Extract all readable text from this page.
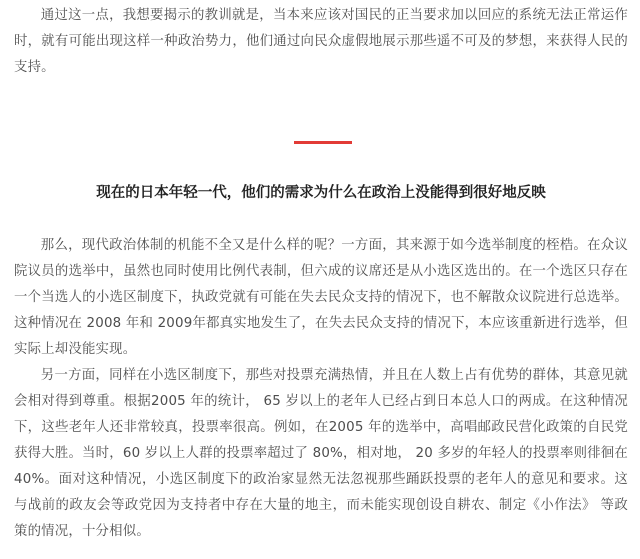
通过这一点，我想要揭示的教训就是，当本来应该对国民的正当要求加以回应的系统无法正常运作时，就有可能出现这样一种政治势力，他们通过向民众虚假地展示那些遥不可及的梦想，来获得人民的支持。

现在的日本年轻一代，他们的需求为什么在政治上没能得到很好地反映

那么，现代政治体制的机能不全又是什么样的呢？一方面，其来源于如今选举制度的桎梏。在众议院议员的选举中，虽然也同时使用比例代表制，但六成的议席还是从小选区选出的。在一个选区只存在一个当选人的小选区制度下，执政党就有可能在失去民众支持的情况下，也不解散众议院进行总选举。这种情况在 2008 年和 2009年都真实地发生了，在失去民众支持的情况下，本应该重新进行选举，但实际上却没能实现。

另一方面，同样在小选区制度下，那些对投票充满热情，并且在人数上占有优势的群体，其意见就会相对得到尊重。根据2005 年的统计， 65 岁以上的老年人已经占到日本总人口的两成。在这种情况下，这些老年人还非常较真，投票率很高。例如，在2005 年的选举中，高唱邮政民营化政策的自民党获得大胜。当时，60 岁以上人群的投票率超过了 80%，相对地， 20 多岁的年轻人的投票率则徘徊在 40%。面对这种情况，小选区制度下的政治家显然无法忽视那些踊跃投票的老年人的意见和要求。这与战前的政友会等政党因为支持者中存在大量的地主，而未能实现创设自耕农、制定《小作法》 等政策的情况，十分相似。
